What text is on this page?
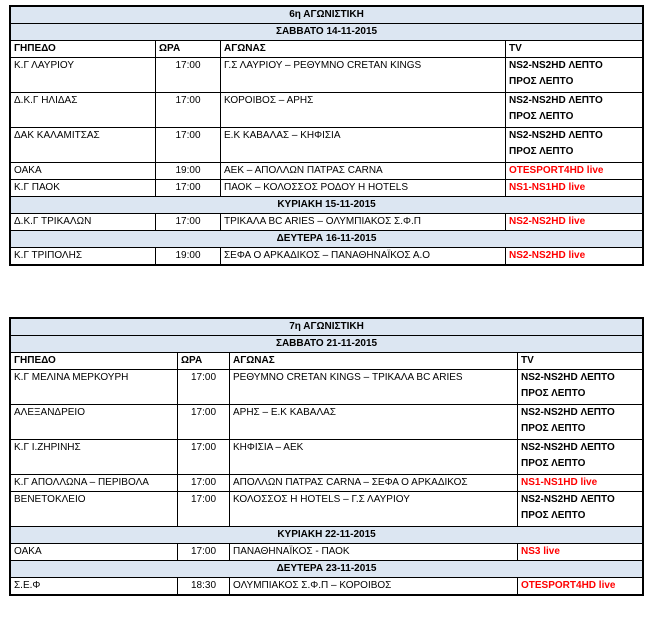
6η ΑΓΩΝΙΣΤΙΚΗ			
ΣΑΒΒΑΤΟ 14-11-2015			
ΓΗΠΕΔΟ	ΩΡΑ	ΑΓΩΝΑΣ	TV
Κ.Γ ΛΑΥΡΙΟΥ	17:00	Γ.Σ ΛΑΥΡΙΟΥ – ΡΕΘΥΜΝΟ CRETAN KINGS	NS2-NS2HD ΛΕΠΤΟ
ΠΡΟΣ ΛΕΠΤΟ

Δ.Κ.Γ ΗΛΙΔΑΣ	17:00	ΚΟΡΟΙΒΟΣ – ΑΡΗΣ	NS2-NS2HD ΛΕΠΤΟ
ΠΡΟΣ ΛΕΠΤΟ

ΔΑΚ ΚΑΛΑΜΙΤΣΑΣ	17:00	Ε.Κ ΚΑΒΑΛΑΣ – ΚΗΦΙΣΙΑ	NS2-NS2HD ΛΕΠΤΟ
ΠΡΟΣ ΛΕΠΤΟ

ΟΑΚΑ	19:00	ΑΕΚ – ΑΠΟΛΛΩΝ ΠΑΤΡΑΣ CARNA	OTESPORT4HD live

Κ.Γ ΠΑΟΚ	17:00	ΠΑΟΚ – ΚΟΛΟΣΣΟΣ ΡΟΔΟΥ Η HOTELS	NS1-NS1HD live

ΚΥΡΙΑΚΗ 15-11-2015			
Δ.Κ.Γ ΤΡΙΚΑΛΩΝ	17:00	ΤΡΙΚΑΛΑ BC ARIES – ΟΛΥΜΠΙΑΚΟΣ Σ.Φ.Π	NS2-NS2HD live

ΔΕΥΤΕΡΑ 16-11-2015			
Κ.Γ ΤΡΙΠΟΛΗΣ	19:00	ΣΕΦΑ Ο ΑΡΚΑΔΙΚΟΣ – ΠΑΝΑΘΗΝΑΪΚΟΣ Α.Ο	NS2-NS2HD live
7η ΑΓΩΝΙΣΤΙΚΗ			
ΣΑΒΒΑΤΟ 21-11-2015			
ΓΗΠΕΔΟ	ΩΡΑ	ΑΓΩΝΑΣ	TV
Κ.Γ ΜΕΛΙΝΑ ΜΕΡΚΟΥΡΗ	17:00	ΡΕΘΥΜΝΟ CRETAN KINGS – ΤΡΙΚΑΛΑ BC ARIES	NS2-NS2HD ΛΕΠΤΟ
ΠΡΟΣ ΛΕΠΤΟ

ΑΛΕΞΑΝΔΡΕΙΟ	17:00	ΑΡΗΣ – Ε.Κ ΚΑΒΑΛΑΣ	NS2-NS2HD ΛΕΠΤΟ
ΠΡΟΣ ΛΕΠΤΟ

Κ.Γ Ι.ΖΗΡΙΝΗΣ	17:00	ΚΗΦΙΣΙΑ – ΑΕΚ	NS2-NS2HD ΛΕΠΤΟ
ΠΡΟΣ ΛΕΠΤΟ

Κ.Γ ΑΠΟΛΛΩΝΑ – ΠΕΡΙΒΟΛΑ	17:00	ΑΠΟΛΛΩΝ ΠΑΤΡΑΣ CARNA – ΣΕΦΑ Ο ΑΡΚΑΔΙΚΟΣ	NS1-NS1HD live

ΒΕΝΕΤΟΚΛΕΙΟ	17:00	ΚΟΛΟΣΣΟΣ Η HOTELS – Γ.Σ ΛΑΥΡΙΟΥ	NS2-NS2HD ΛΕΠΤΟ
ΠΡΟΣ ΛΕΠΤΟ

ΚΥΡΙΑΚΗ 22-11-2015			
ΟΑΚΑ	17:00	ΠΑΝΑΘΗΝΑΪΚΟΣ - ΠΑΟΚ	NS3 live

ΔΕΥΤΕΡΑ 23-11-2015			
Σ.Ε.Φ	18:30	ΟΛΥΜΠΙΑΚΟΣ Σ.Φ.Π – ΚΟΡΟΙΒΟΣ	OTESPORT4HD live
